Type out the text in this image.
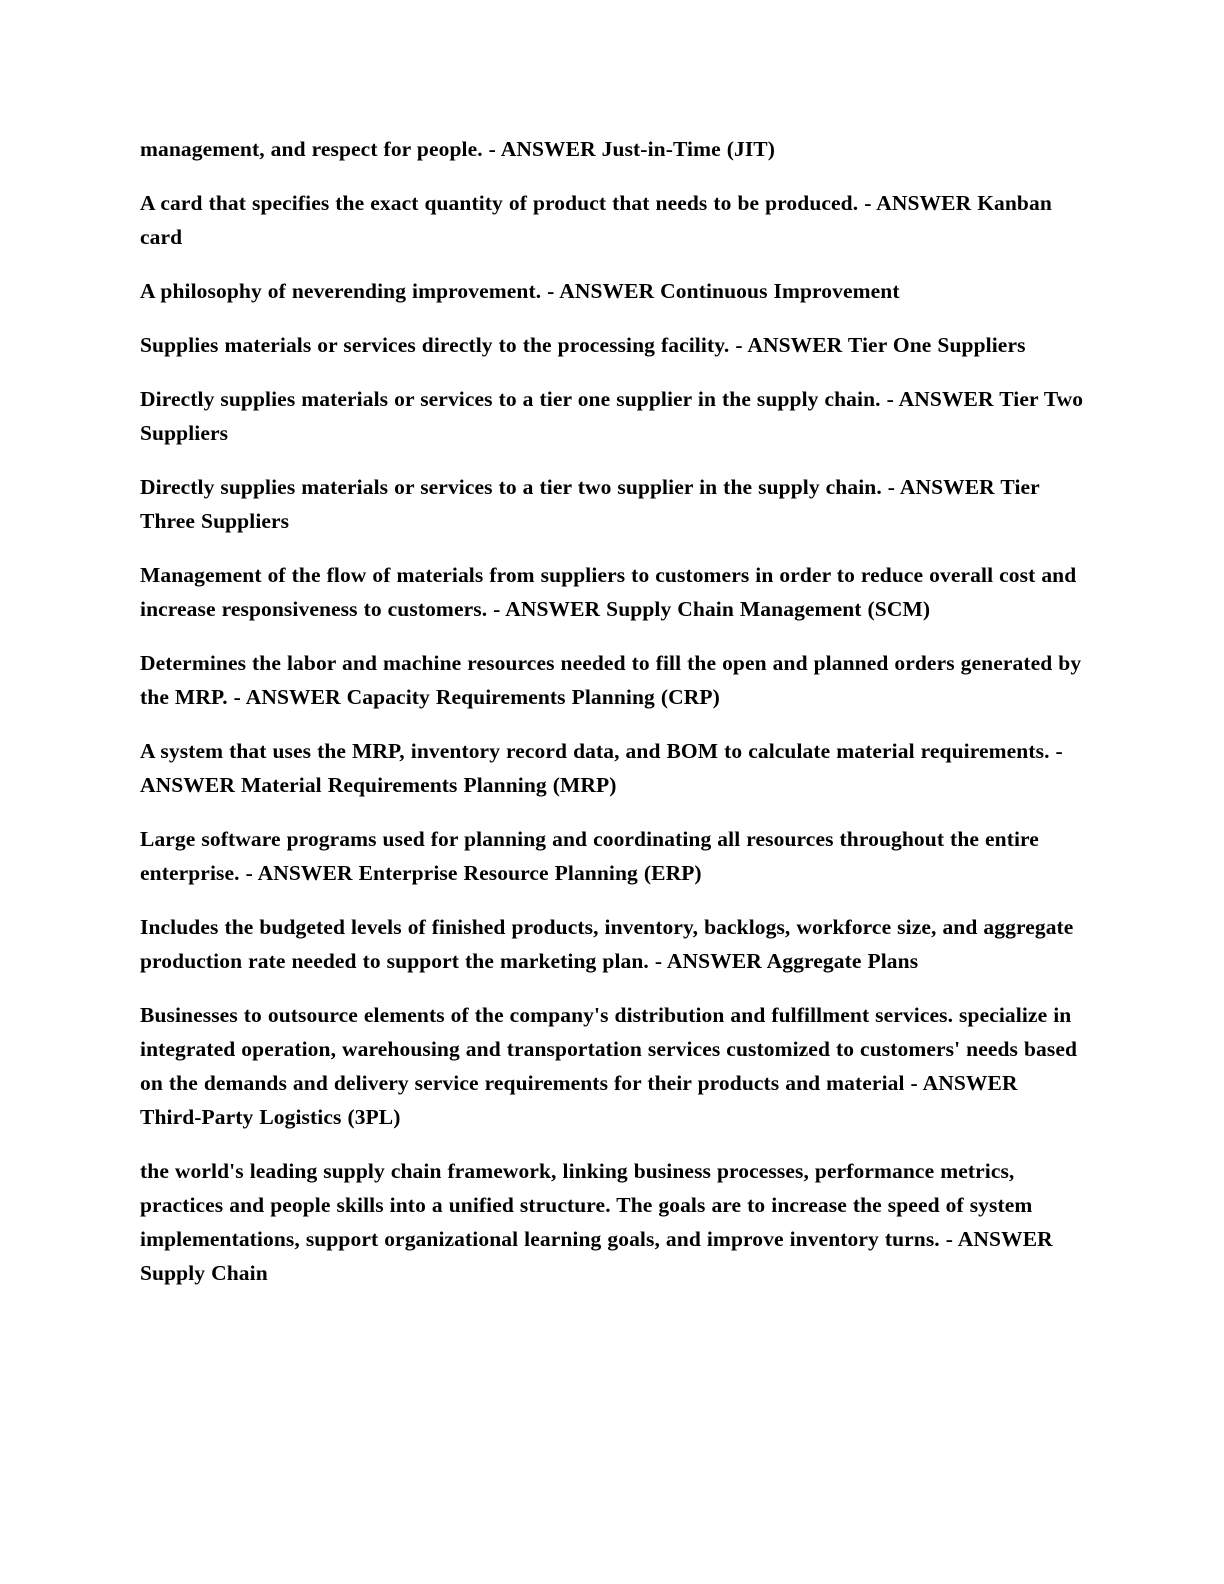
management, and respect for people. - ANSWER Just-in-Time (JIT)

A card that specifies the exact quantity of product that needs to be produced. - ANSWER Kanban card

A philosophy of neverending improvement. - ANSWER Continuous Improvement

Supplies materials or services directly to the processing facility. - ANSWER Tier One Suppliers

Directly supplies materials or services to a tier one supplier in the supply chain. - ANSWER Tier Two Suppliers

Directly supplies materials or services to a tier two supplier in the supply chain. - ANSWER Tier Three Suppliers

Management of the flow of materials from suppliers to customers in order to reduce overall cost and increase responsiveness to customers. - ANSWER Supply Chain Management (SCM)

Determines the labor and machine resources needed to fill the open and planned orders generated by the MRP. - ANSWER Capacity Requirements Planning (CRP)

A system that uses the MRP, inventory record data, and BOM to calculate material requirements. - ANSWER Material Requirements Planning (MRP)

Large software programs used for planning and coordinating all resources throughout the entire enterprise. - ANSWER Enterprise Resource Planning (ERP)

Includes the budgeted levels of finished products, inventory, backlogs, workforce size, and aggregate production rate needed to support the marketing plan. - ANSWER Aggregate Plans

Businesses to outsource elements of the company's distribution and fulfillment services. specialize in integrated operation, warehousing and transportation services customized to customers' needs based on the demands and delivery service requirements for their products and material - ANSWER Third-Party Logistics (3PL)

the world's leading supply chain framework, linking business processes, performance metrics, practices and people skills into a unified structure. The goals are to increase the speed of system implementations, support organizational learning goals, and improve inventory turns. - ANSWER Supply Chain
